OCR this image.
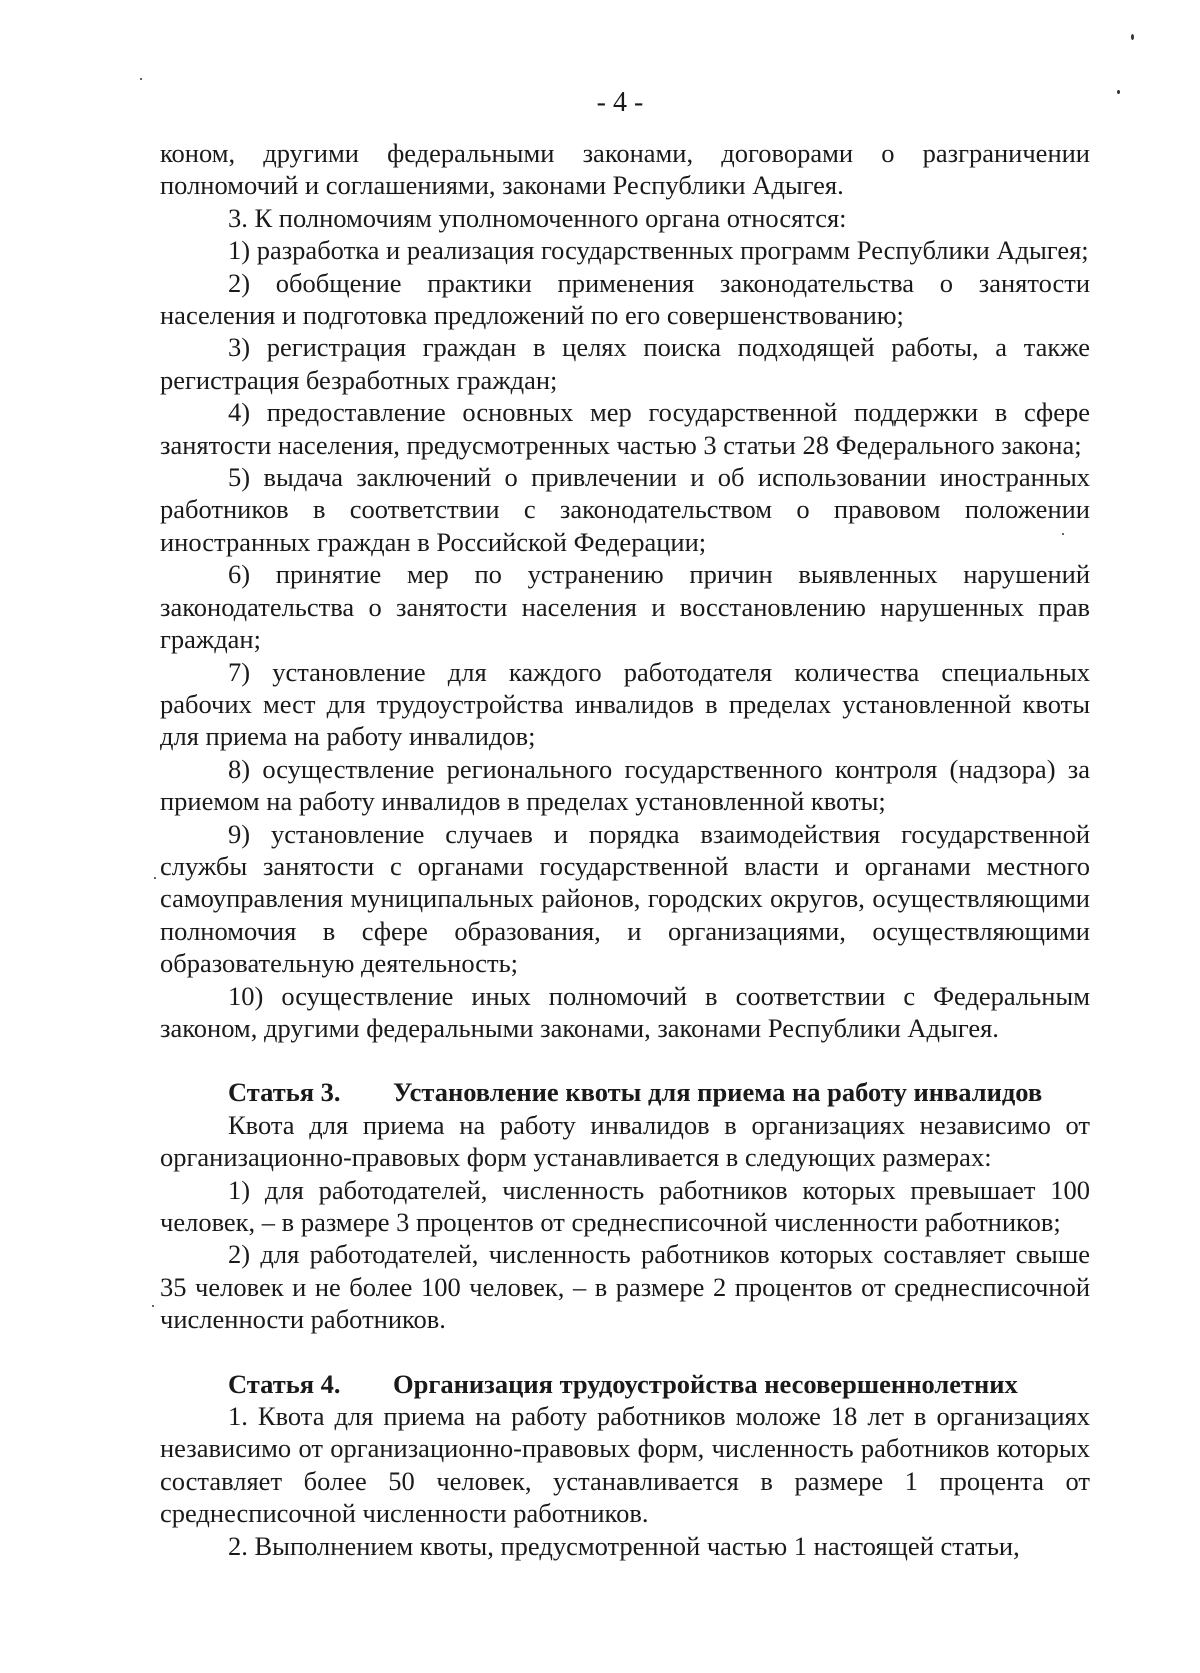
- 4 -

коном, другими федеральными законами, договорами о разграничении полномочий и соглашениями, законами Республики Адыгея.

3. К полномочиям уполномоченного органа относятся:

1) разработка и реализация государственных программ Республики Адыгея;

2) обобщение практики применения законодательства о занятости населения и подготовка предложений по его совершенствованию;

3) регистрация граждан в целях поиска подходящей работы, а также регистрация безработных граждан;

4) предоставление основных мер государственной поддержки в сфере занятости населения, предусмотренных частью 3 статьи 28 Федерального закона;

5) выдача заключений о привлечении и об использовании иностранных работников в соответствии с законодательством о правовом положении иностранных граждан в Российской Федерации;

6) принятие мер по устранению причин выявленных нарушений законодательства о занятости населения и восстановлению нарушенных прав граждан;

7) установление для каждого работодателя количества специальных рабочих мест для трудоустройства инвалидов в пределах установленной квоты для приема на работу инвалидов;

8) осуществление регионального государственного контроля (надзора) за приемом на работу инвалидов в пределах установленной квоты;

9) установление случаев и порядка взаимодействия государственной службы занятости с органами государственной власти и органами местного самоуправления муниципальных районов, городских округов, осуществляющими полномочия в сфере образования, и организациями, осуществляющими образовательную деятельность;

10) осуществление иных полномочий в соответствии с Федеральным законом, другими федеральными законами, законами Республики Адыгея.

Статья 3. Установление квоты для приема на работу инвалидов

Квота для приема на работу инвалидов в организациях независимо от организационно-правовых форм устанавливается в следующих размерах:

1) для работодателей, численность работников которых превышает 100 человек, – в размере 3 процентов от среднесписочной численности работников;

2) для работодателей, численность работников которых составляет свыше 35 человек и не более 100 человек, – в размере 2 процентов от среднесписочной численности работников.

Статья 4. Организация трудоустройства несовершеннолетних

1. Квота для приема на работу работников моложе 18 лет в организациях независимо от организационно-правовых форм, численность работников которых составляет более 50 человек, устанавливается в размере 1 процента от среднесписочной численности работников.

2. Выполнением квоты, предусмотренной частью 1 настоящей статьи,
